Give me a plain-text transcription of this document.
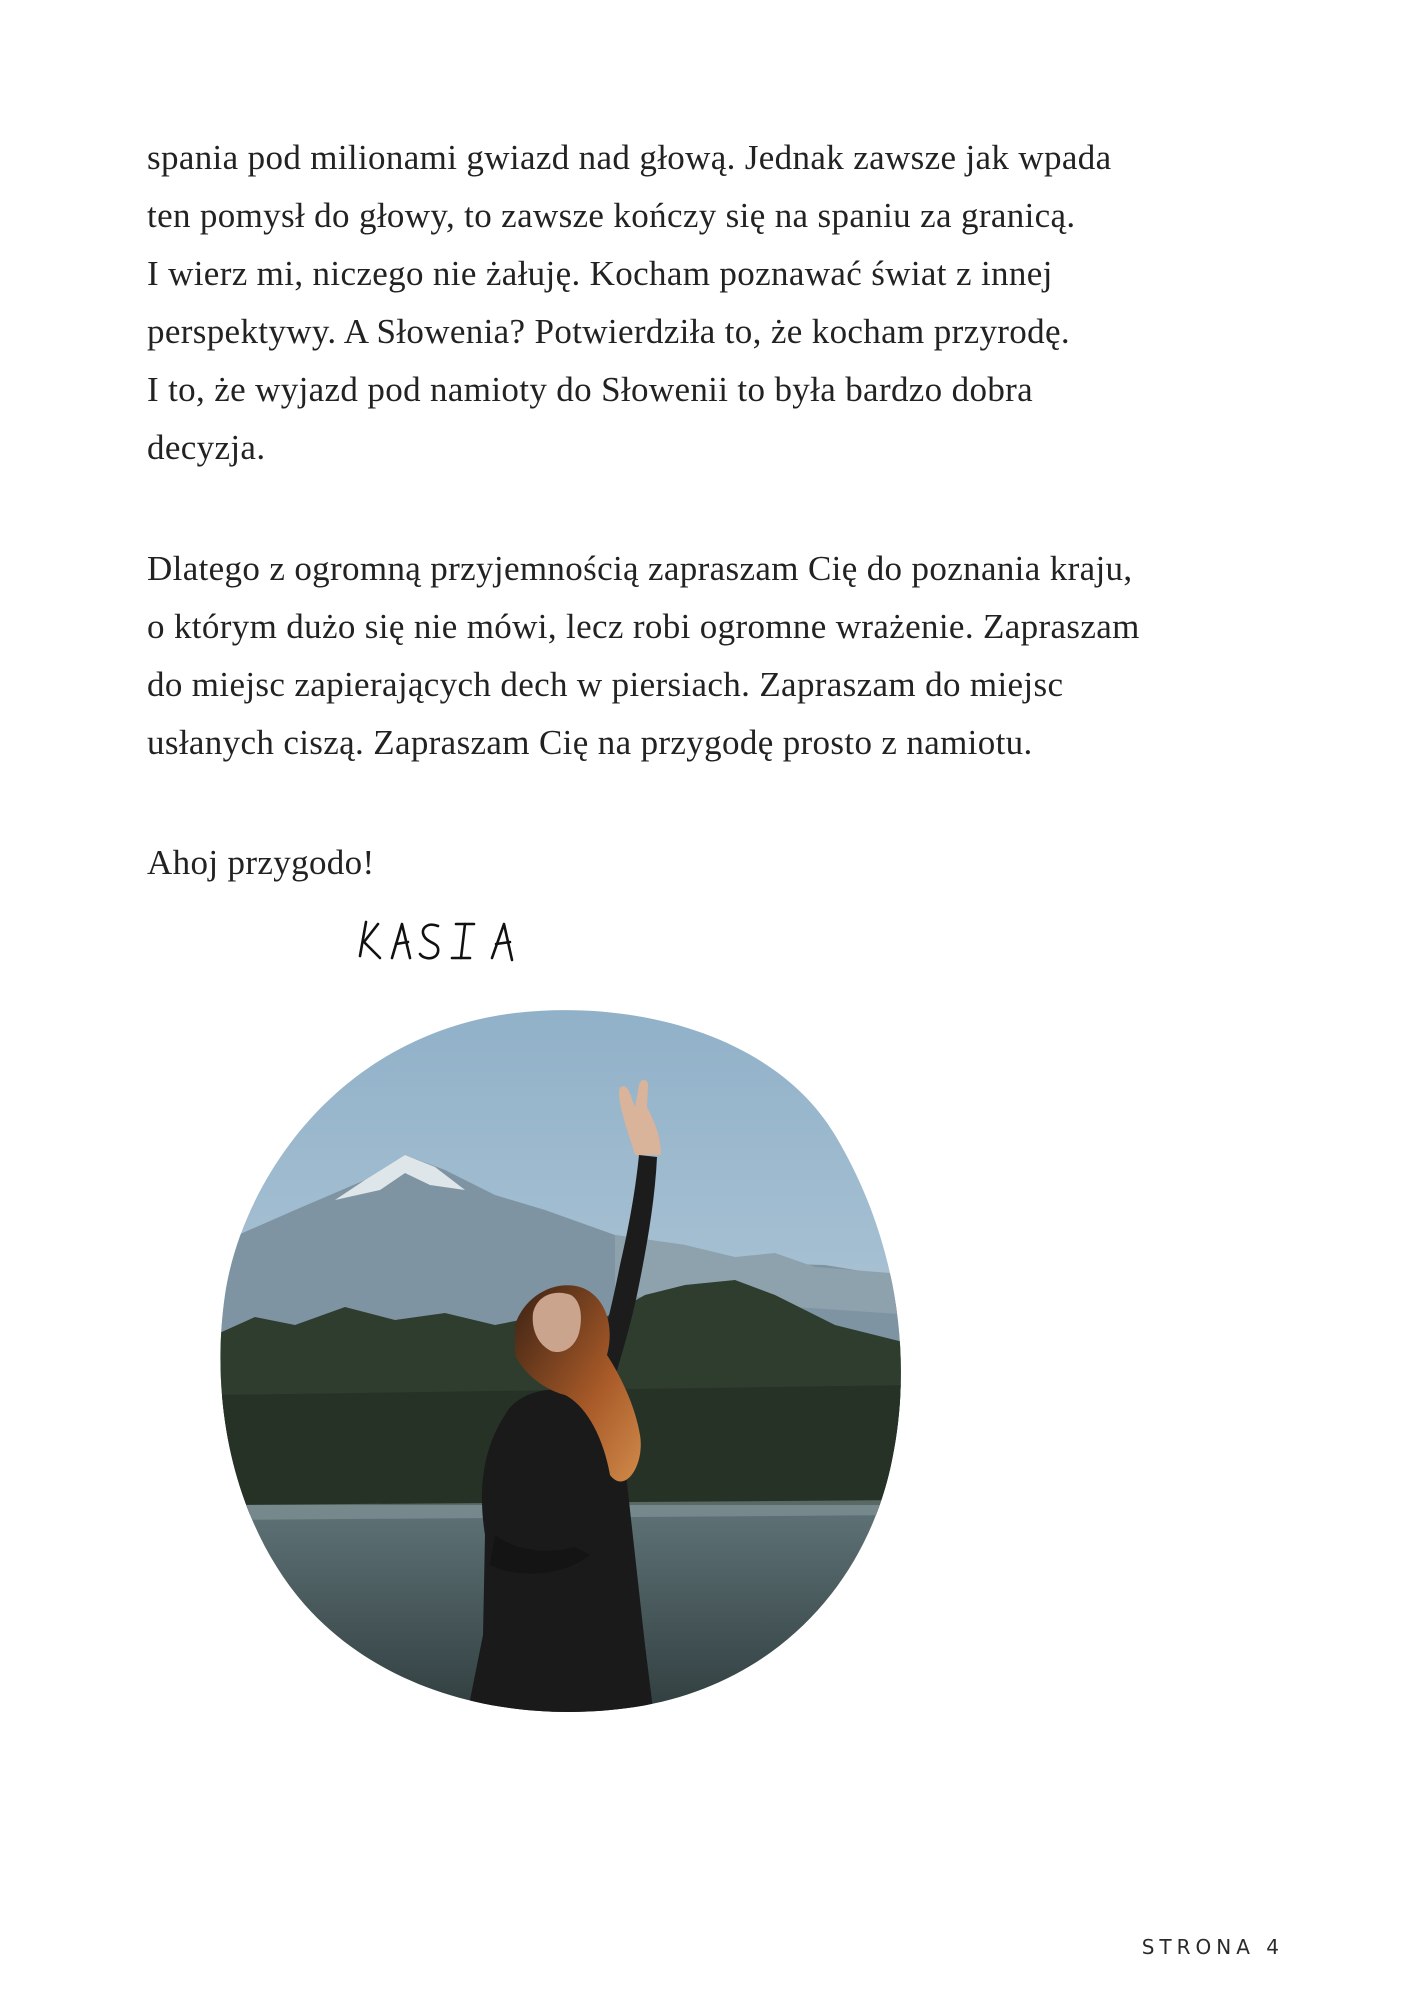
spania pod milionami gwiazd nad głową. Jednak zawsze jak wpada
ten pomysł do głowy, to zawsze kończy się na spaniu za granicą.
I wierz mi, niczego nie żałuję. Kocham poznawać świat z innej
perspektywy. A Słowenia? Potwierdziła to, że kocham przyrodę.
I to, że wyjazd pod namioty do Słowenii to była bardzo dobra
decyzja.
Dlatego z ogromną przyjemnością zapraszam Cię do poznania kraju,
o którym dużo się nie mówi, lecz robi ogromne wrażenie. Zapraszam
do miejsc zapierających dech w piersiach. Zapraszam do miejsc
usłanych ciszą. Zapraszam Cię na przygodę prosto z namiotu.
Ahoj przygodo!
STRONA 4
